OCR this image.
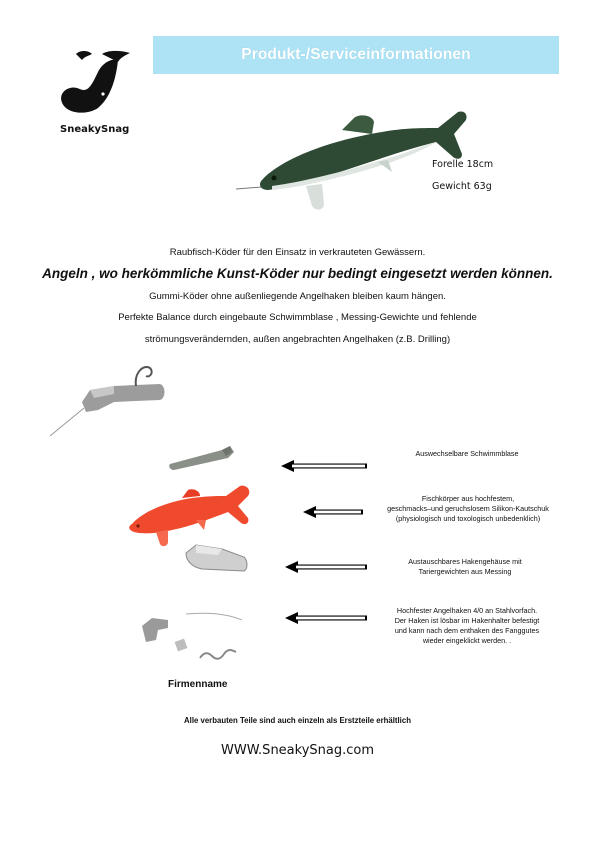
Produkt-/Serviceinformationen
SneakySnag
Forelle 18cm
Gewicht 63g
Raubfisch-Köder für den Einsatz in verkrauteten Gewässern.
Angeln , wo herkömmliche Kunst-Köder nur bedingt eingesetzt werden können.
Gummi-Köder ohne außenliegende Angelhaken bleiben kaum hängen.
Perfekte Balance durch eingebaute Schwimmblase , Messing-Gewichte und fehlende
strömungsverändernden, außen angebrachten Angelhaken (z.B. Drilling)
Auswechselbare Schwimmblase
Fischkörper aus hochfestem,
geschmacks–und geruchslosem Silikon-Kautschuk
(physiologisch und toxologisch unbedenklich)
Austauschbares Hakengehäuse mit
Tariergewichten aus Messing
Hochfester Angelhaken 4/0 an Stahlvorfach.
Der Haken ist lösbar im Hakenhalter befestigt
und kann nach dem enthaken des Fanggutes
wieder eingeklickt werden. .
Firmenname
Alle verbauten Teile sind auch einzeln als Erstzteile erhältlich
WWW.SneakySnag.com
